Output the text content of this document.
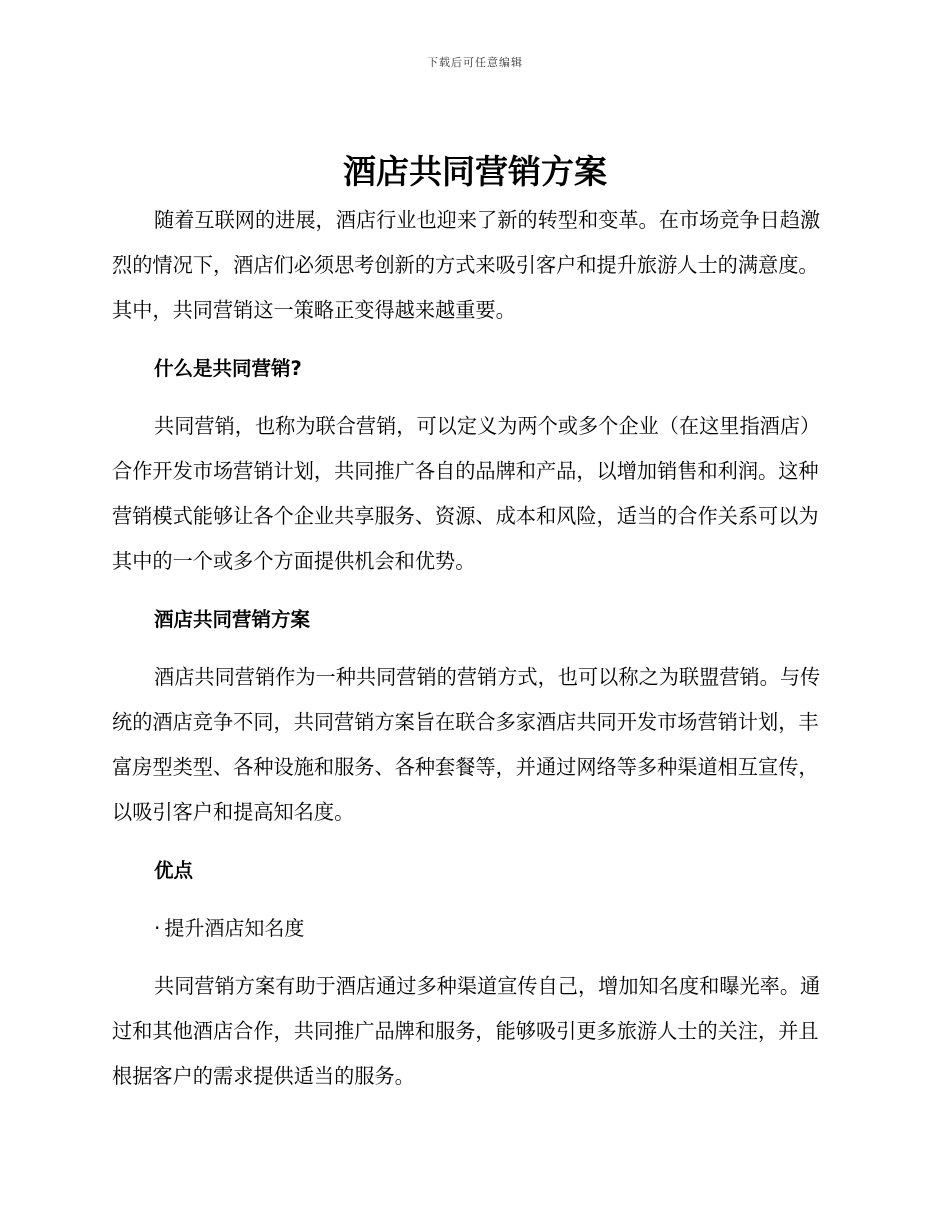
下载后可任意编辑
酒店共同营销方案

随着互联网的进展，酒店行业也迎来了新的转型和变革。在市场竞争日趋激烈的情况下，酒店们必须思考创新的方式来吸引客户和提升旅游人士的满意度。其中，共同营销这一策略正变得越来越重要。

什么是共同营销?

共同营销，也称为联合营销，可以定义为两个或多个企业（在这里指酒店）合作开发市场营销计划，共同推广各自的品牌和产品，以增加销售和利润。这种营销模式能够让各个企业共享服务、资源、成本和风险，适当的合作关系可以为其中的一个或多个方面提供机会和优势。

酒店共同营销方案

酒店共同营销作为一种共同营销的营销方式，也可以称之为联盟营销。与传统的酒店竞争不同，共同营销方案旨在联合多家酒店共同开发市场营销计划，丰富房型类型、各种设施和服务、各种套餐等，并通过网络等多种渠道相互宣传，以吸引客户和提高知名度。

优点

· 提升酒店知名度

共同营销方案有助于酒店通过多种渠道宣传自己，增加知名度和曝光率。通过和其他酒店合作，共同推广品牌和服务，能够吸引更多旅游人士的关注，并且根据客户的需求提供适当的服务。
